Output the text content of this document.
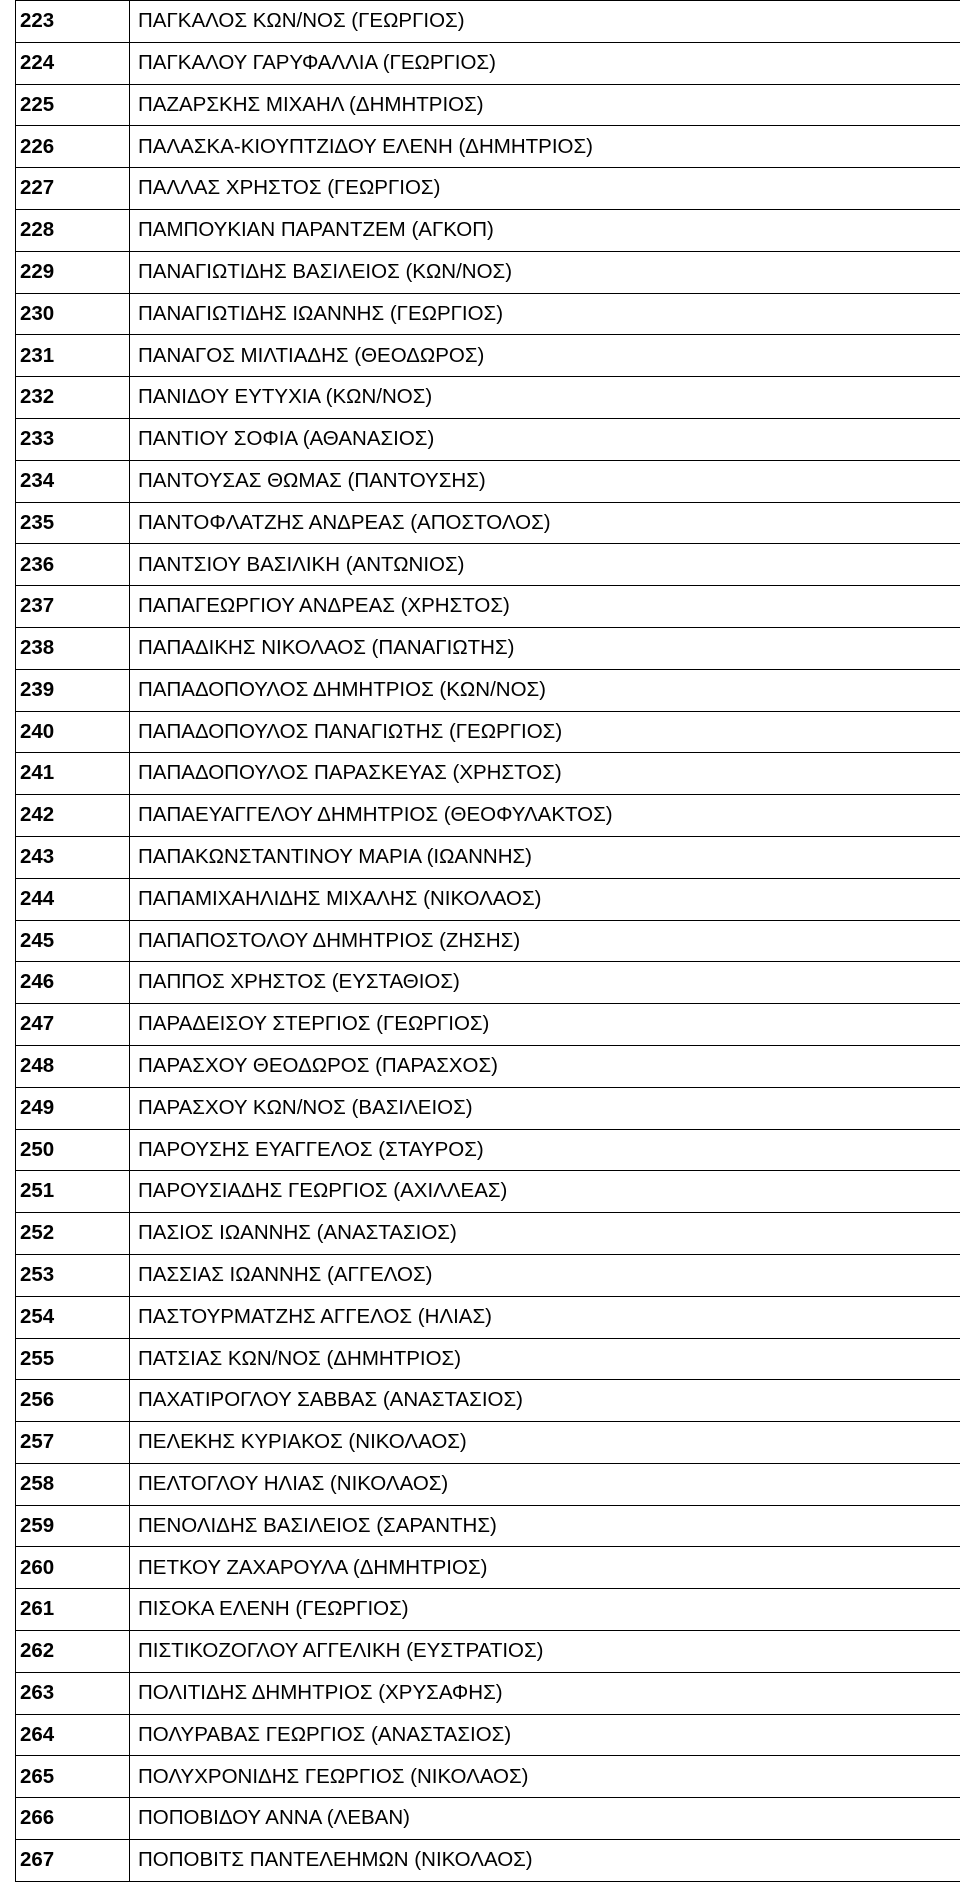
223	ΠΑΓΚΑΛΟΣ ΚΩΝ/ΝΟΣ (ΓΕΩΡΓΙΟΣ)
224	ΠΑΓΚΑΛΟΥ ΓΑΡΥΦΑΛΛΙΑ (ΓΕΩΡΓΙΟΣ)
225	ΠΑΖΑΡΣΚΗΣ ΜΙΧΑΗΛ (ΔΗΜΗΤΡΙΟΣ)
226	ΠΑΛΑΣΚΑ-ΚΙΟΥΠΤΖΙΔΟΥ ΕΛΕΝΗ (ΔΗΜΗΤΡΙΟΣ)
227	ΠΑΛΛΑΣ ΧΡΗΣΤΟΣ (ΓΕΩΡΓΙΟΣ)
228	ΠΑΜΠΟΥΚΙΑΝ ΠΑΡΑΝΤΖΕΜ (ΑΓΚΟΠ)
229	ΠΑΝΑΓΙΩΤΙΔΗΣ ΒΑΣΙΛΕΙΟΣ (ΚΩΝ/ΝΟΣ)
230	ΠΑΝΑΓΙΩΤΙΔΗΣ ΙΩΑΝΝΗΣ (ΓΕΩΡΓΙΟΣ)
231	ΠΑΝΑΓΟΣ ΜΙΛΤΙΑΔΗΣ (ΘΕΟΔΩΡΟΣ)
232	ΠΑΝΙΔΟΥ ΕΥΤΥΧΙΑ (ΚΩΝ/ΝΟΣ)
233	ΠΑΝΤΙΟΥ ΣΟΦΙΑ (ΑΘΑΝΑΣΙΟΣ)
234	ΠΑΝΤΟΥΣΑΣ ΘΩΜΑΣ (ΠΑΝΤΟΥΣΗΣ)
235	ΠΑΝΤΟΦΛΑΤΖΗΣ ΑΝΔΡΕΑΣ (ΑΠΟΣΤΟΛΟΣ)
236	ΠΑΝΤΣΙΟΥ ΒΑΣΙΛΙΚΗ (ΑΝΤΩΝΙΟΣ)
237	ΠΑΠΑΓΕΩΡΓΙΟΥ ΑΝΔΡΕΑΣ (ΧΡΗΣΤΟΣ)
238	ΠΑΠΑΔΙΚΗΣ ΝΙΚΟΛΑΟΣ (ΠΑΝΑΓΙΩΤΗΣ)
239	ΠΑΠΑΔΟΠΟΥΛΟΣ ΔΗΜΗΤΡΙΟΣ (ΚΩΝ/ΝΟΣ)
240	ΠΑΠΑΔΟΠΟΥΛΟΣ ΠΑΝΑΓΙΩΤΗΣ (ΓΕΩΡΓΙΟΣ)
241	ΠΑΠΑΔΟΠΟΥΛΟΣ ΠΑΡΑΣΚΕΥΑΣ (ΧΡΗΣΤΟΣ)
242	ΠΑΠΑΕΥΑΓΓΕΛΟΥ ΔΗΜΗΤΡΙΟΣ (ΘΕΟΦΥΛΑΚΤΟΣ)
243	ΠΑΠΑΚΩΝΣΤΑΝΤΙΝΟΥ ΜΑΡΙΑ (ΙΩΑΝΝΗΣ)
244	ΠΑΠΑΜΙΧΑΗΛΙΔΗΣ ΜΙΧΑΛΗΣ (ΝΙΚΟΛΑΟΣ)
245	ΠΑΠΑΠΟΣΤΟΛΟΥ ΔΗΜΗΤΡΙΟΣ (ΖΗΣΗΣ)
246	ΠΑΠΠΟΣ ΧΡΗΣΤΟΣ (ΕΥΣΤΑΘΙΟΣ)
247	ΠΑΡΑΔΕΙΣΟΥ ΣΤΕΡΓΙΟΣ (ΓΕΩΡΓΙΟΣ)
248	ΠΑΡΑΣΧΟΥ ΘΕΟΔΩΡΟΣ (ΠΑΡΑΣΧΟΣ)
249	ΠΑΡΑΣΧΟΥ ΚΩΝ/ΝΟΣ (ΒΑΣΙΛΕΙΟΣ)
250	ΠΑΡΟΥΣΗΣ ΕΥΑΓΓΕΛΟΣ (ΣΤΑΥΡΟΣ)
251	ΠΑΡΟΥΣΙΑΔΗΣ ΓΕΩΡΓΙΟΣ (ΑΧΙΛΛΕΑΣ)
252	ΠΑΣΙΟΣ ΙΩΑΝΝΗΣ (ΑΝΑΣΤΑΣΙΟΣ)
253	ΠΑΣΣΙΑΣ ΙΩΑΝΝΗΣ (ΑΓΓΕΛΟΣ)
254	ΠΑΣΤΟΥΡΜΑΤΖΗΣ ΑΓΓΕΛΟΣ (ΗΛΙΑΣ)
255	ΠΑΤΣΙΑΣ ΚΩΝ/ΝΟΣ (ΔΗΜΗΤΡΙΟΣ)
256	ΠΑΧΑΤΙΡΟΓΛΟΥ ΣΑΒΒΑΣ (ΑΝΑΣΤΑΣΙΟΣ)
257	ΠΕΛΕΚΗΣ ΚΥΡΙΑΚΟΣ (ΝΙΚΟΛΑΟΣ)
258	ΠΕΛΤΟΓΛΟΥ ΗΛΙΑΣ (ΝΙΚΟΛΑΟΣ)
259	ΠΕΝΟΛΙΔΗΣ ΒΑΣΙΛΕΙΟΣ (ΣΑΡΑΝΤΗΣ)
260	ΠΕΤΚΟΥ ΖΑΧΑΡΟΥΛΑ (ΔΗΜΗΤΡΙΟΣ)
261	ΠΙΣΟΚΑ ΕΛΕΝΗ (ΓΕΩΡΓΙΟΣ)
262	ΠΙΣΤΙΚΟΖΟΓΛΟΥ ΑΓΓΕΛΙΚΗ (ΕΥΣΤΡΑΤΙΟΣ)
263	ΠΟΛΙΤΙΔΗΣ ΔΗΜΗΤΡΙΟΣ (ΧΡΥΣΑΦΗΣ)
264	ΠΟΛΥΡΑΒΑΣ ΓΕΩΡΓΙΟΣ (ΑΝΑΣΤΑΣΙΟΣ)
265	ΠΟΛΥΧΡΟΝΙΔΗΣ ΓΕΩΡΓΙΟΣ (ΝΙΚΟΛΑΟΣ)
266	ΠΟΠΟΒΙΔΟΥ ΑΝΝΑ (ΛΕΒΑΝ)
267	ΠΟΠΟΒΙΤΣ ΠΑΝΤΕΛΕΗΜΩΝ (ΝΙΚΟΛΑΟΣ)
